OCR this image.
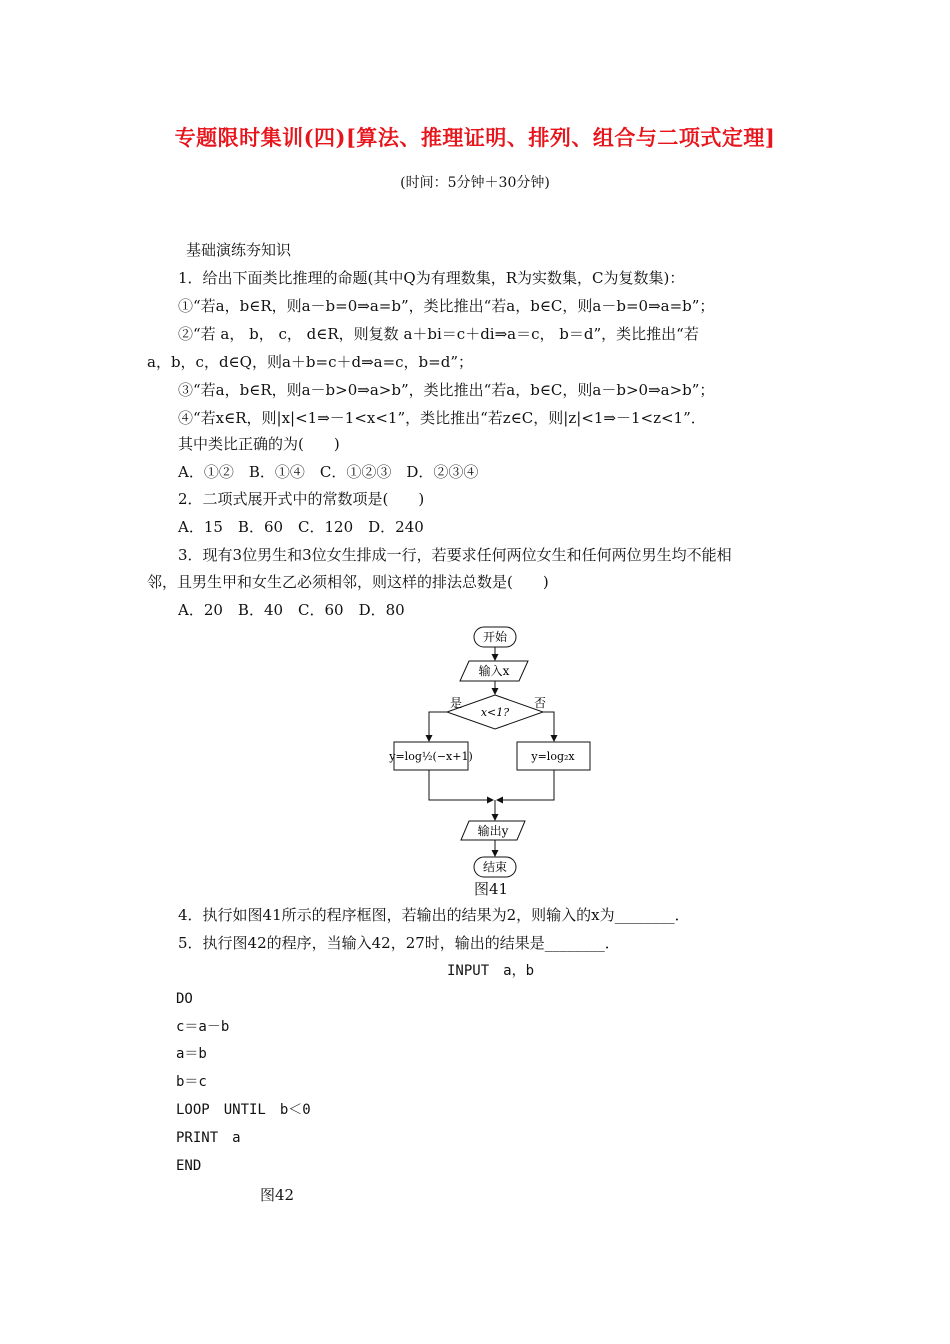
专题限时集训(四)[算法、推理证明、排列、组合与二项式定理]
(时间：5分钟＋30分钟)
基础演练夯知识
1．给出下面类比推理的命题(其中Q为有理数集，R为实数集，C为复数集)：
①“若a，b∈R，则a－b=0⇒a=b”，类比推出“若a，b∈C，则a－b=0⇒a=b”；
②“若 a， b， c， d∈R，则复数 a＋bi＝c＋di⇒a＝c， b＝d”，类比推出“若
a，b，c，d∈Q，则a＋b=c＋d⇒a=c，b=d”；
③“若a，b∈R，则a－b>0⇒a>b”，类比推出“若a，b∈C，则a－b>0⇒a>b”；
④“若x∈R，则|x|<1⇒－1<x<1”，类比推出“若z∈C，则|z|<1⇒－1<z<1”．
其中类比正确的为(　　)
A．①②　B．①④　C．①②③　D．②③④
2．二项式展开式中的常数项是(　　)
A．15　B．60　C．120　D．240
3．现有3位男生和3位女生排成一行，若要求任何两位女生和任何两位男生均不能相
邻，且男生甲和女生乙必须相邻，则这样的排法总数是(　　)
A．20　B．40　C．60　D．80
开始
输入x
x<1?
是	否
y=log½(−x+1)	y=log₂x
输出y
结束
图41
4．执行如图41所示的程序框图，若输出的结果为2，则输入的x为________．
5．执行图42的程序，当输入42，27时，输出的结果是________．
INPUT　a，b
DO
c＝a－b
a＝b
b＝c
LOOP　UNTIL　b＜0
PRINT　a
END
图42
